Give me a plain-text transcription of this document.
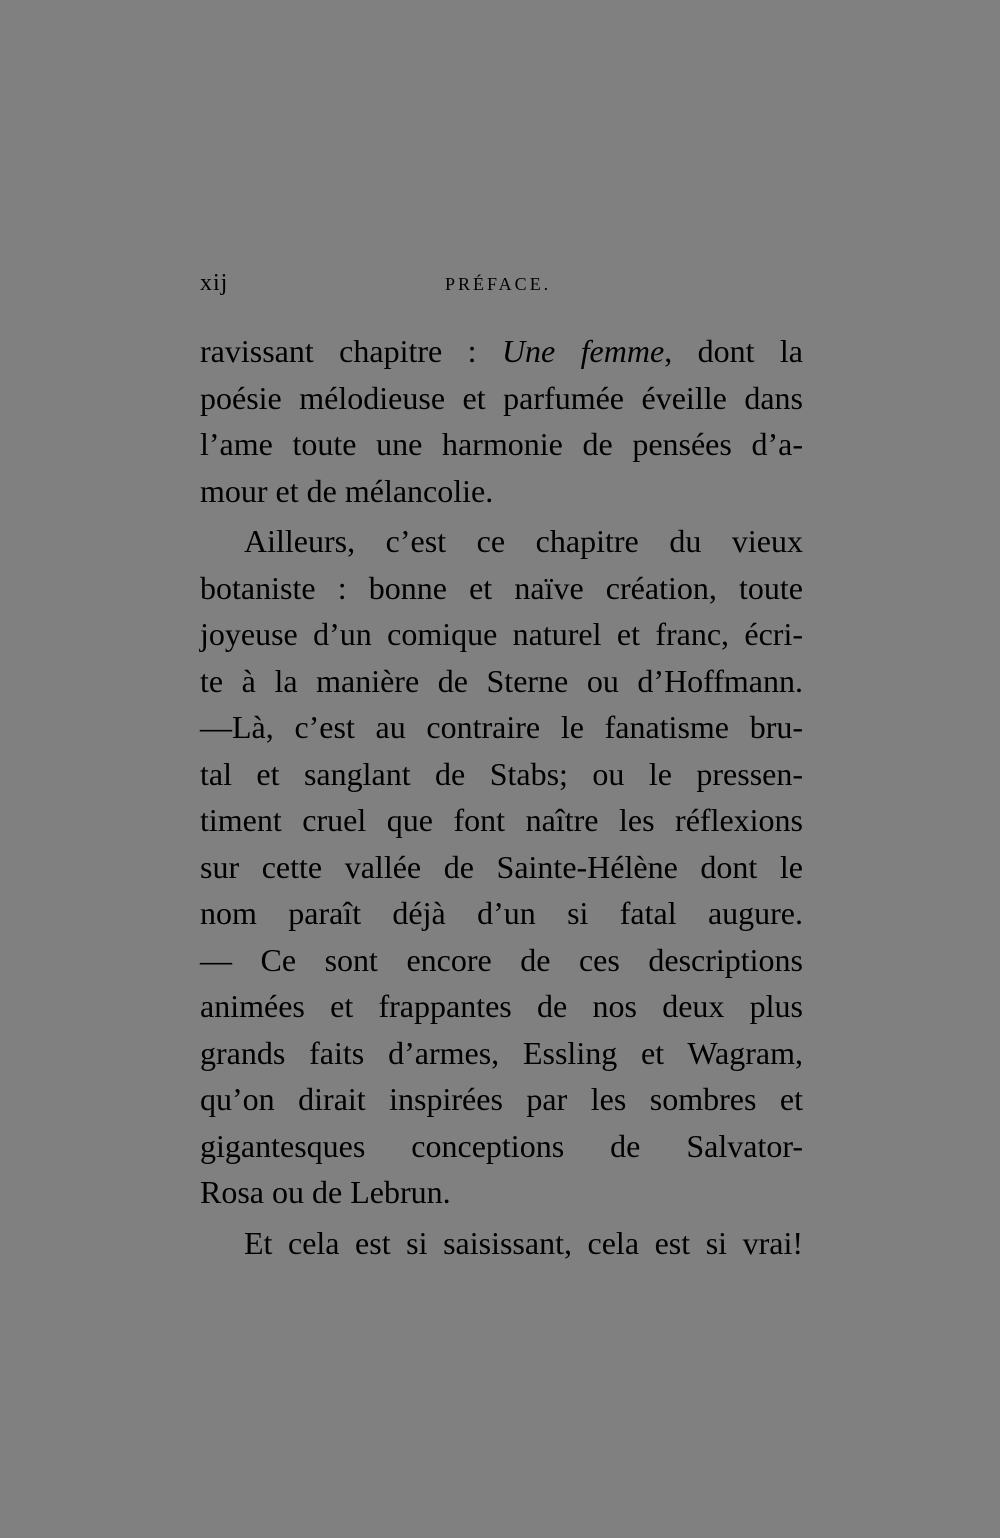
xij	PRÉFACE.
ravissant chapitre : Une femme, dont la
poésie mélodieuse et parfumée éveille dans
l’ame toute une harmonie de pensées d’a-
mour et de mélancolie.
Ailleurs, c’est ce chapitre du vieux
botaniste : bonne et naïve création, toute
joyeuse d’un comique naturel et franc, écri-
te à la manière de Sterne ou d’Hoffmann.
—Là, c’est au contraire le fanatisme bru-
tal et sanglant de Stabs; ou le pressen-
timent cruel que font naître les réflexions
sur cette vallée de Sainte-Hélène dont le
nom paraît déjà d’un si fatal augure.
— Ce sont encore de ces descriptions
animées et frappantes de nos deux plus
grands faits d’armes, Essling et Wagram,
qu’on dirait inspirées par les sombres et
gigantesques conceptions de Salvator-
Rosa ou de Lebrun.
Et cela est si saisissant, cela est si vrai!
